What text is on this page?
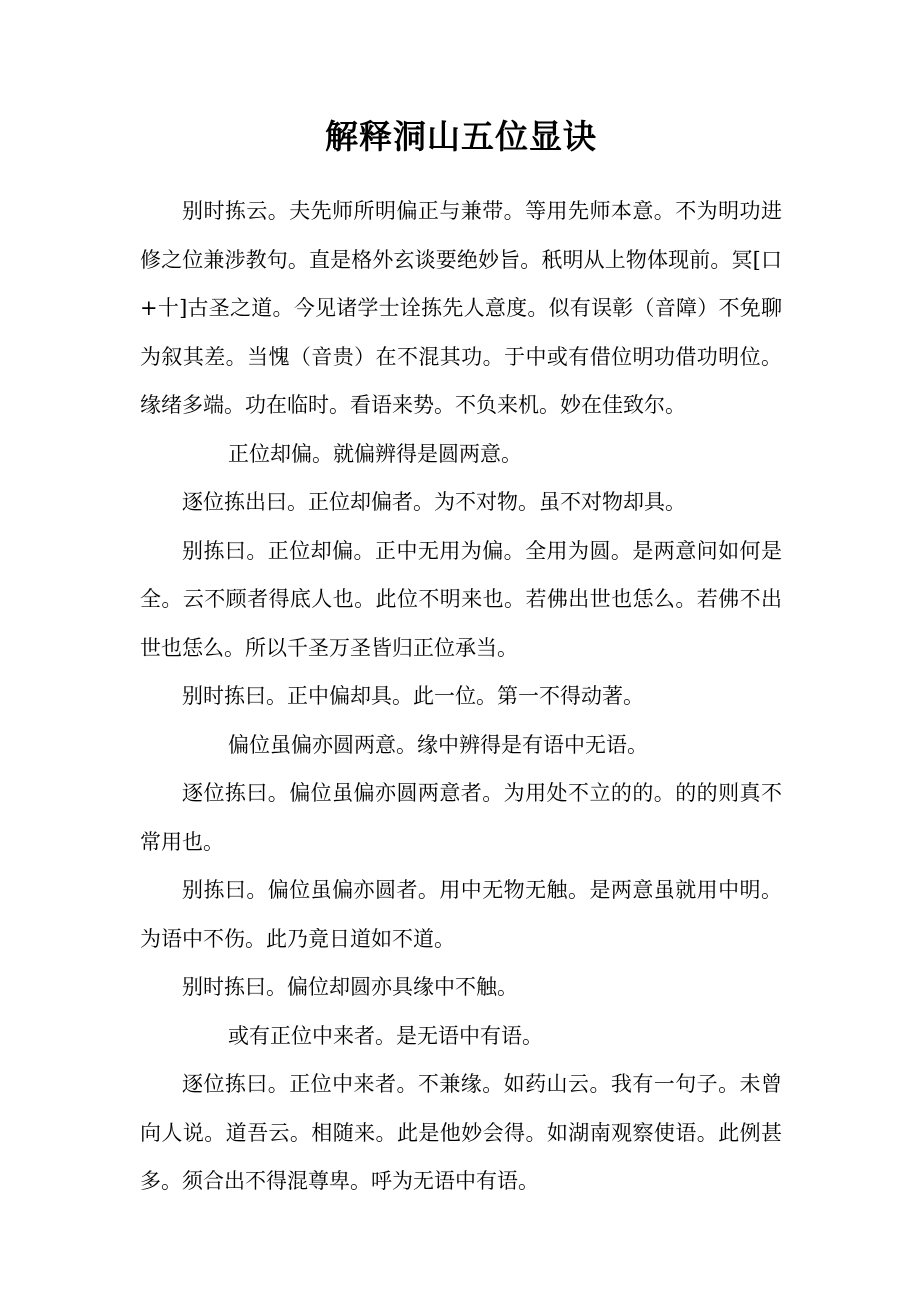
解释洞山五位显诀

别时拣云。夫先师所明偏正与兼带。等用先师本意。不为明功进修之位兼涉教句。直是格外玄谈要绝妙旨。秖明从上物体现前。冥[口+十]古圣之道。今见诸学士诠拣先人意度。似有误彰（音障）不免聊为叙其差。当愧（音贵）在不混其功。于中或有借位明功借功明位。缘绪多端。功在临时。看语来势。不负来机。妙在佳致尔。

正位却偏。就偏辨得是圆两意。

逐位拣出曰。正位却偏者。为不对物。虽不对物却具。

别拣曰。正位却偏。正中无用为偏。全用为圆。是两意问如何是全。云不顾者得底人也。此位不明来也。若佛出世也恁么。若佛不出世也恁么。所以千圣万圣皆归正位承当。

别时拣曰。正中偏却具。此一位。第一不得动著。

偏位虽偏亦圆两意。缘中辨得是有语中无语。

逐位拣曰。偏位虽偏亦圆两意者。为用处不立的的。的的则真不常用也。

别拣曰。偏位虽偏亦圆者。用中无物无触。是两意虽就用中明。为语中不伤。此乃竟日道如不道。

别时拣曰。偏位却圆亦具缘中不触。

或有正位中来者。是无语中有语。

逐位拣曰。正位中来者。不兼缘。如药山云。我有一句子。未曾向人说。道吾云。相随来。此是他妙会得。如湖南观察使语。此例甚多。须合出不得混尊卑。呼为无语中有语。
